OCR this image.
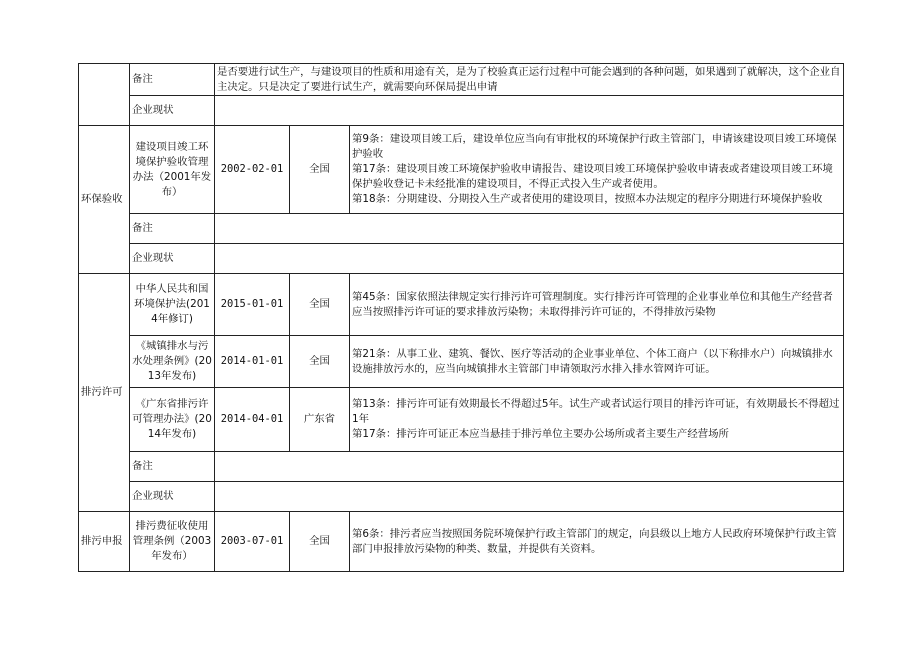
	备注	是否要进行试生产，与建设项目的性质和用途有关，是为了校验真正运行过程中可能会遇到的各种问题，如果遇到了就解决，这个企业自主决定。只是决定了要进行试生产，就需要向环保局提出申请		
	企业现状			
环保验收	建设项目竣工环境保护验收管理办法（2001年发布）	2002-02-01	全国	第9条：建设项目竣工后，建设单位应当向有审批权的环境保护行政主管部门，申请该建设项目竣工环境保护验收
第17条：建设项目竣工环境保护验收申请报告、建设项目竣工环境保护验收申请表或者建设项目竣工环境保护验收登记卡未经批准的建设项目，不得正式投入生产或者使用。
第18条：分期建设、分期投入生产或者使用的建设项目，按照本办法规定的程序分期进行环境保护验收

	备注			
	企业现状			
排污许可	中华人民共和国环境保护法(2014年修订)	2015-01-01	全国	第45条：国家依照法律规定实行排污许可管理制度。实行排污许可管理的企业事业单位和其他生产经营者应当按照排污许可证的要求排放污染物；未取得排污许可证的，不得排放污染物
	《城镇排水与污水处理条例》(2013年发布)	2014-01-01	全国	第21条：从事工业、建筑、餐饮、医疗等活动的企业事业单位、个体工商户（以下称排水户）向城镇排水设施排放污水的，应当向城镇排水主管部门申请领取污水排入排水管网许可证。
	《广东省排污许可管理办法》(2014年发布)	2014-04-01	广东省	第13条：排污许可证有效期最长不得超过5年。试生产或者试运行项目的排污许可证，有效期最长不得超过1年
第17条：排污许可证正本应当悬挂于排污单位主要办公场所或者主要生产经营场所

	备注			
	企业现状			
排污申报	排污费征收使用管理条例（2003年发布）	2003-07-01	全国	第6条：排污者应当按照国务院环境保护行政主管部门的规定，向县级以上地方人民政府环境保护行政主管部门申报排放污染物的种类、数量，并提供有关资料。
